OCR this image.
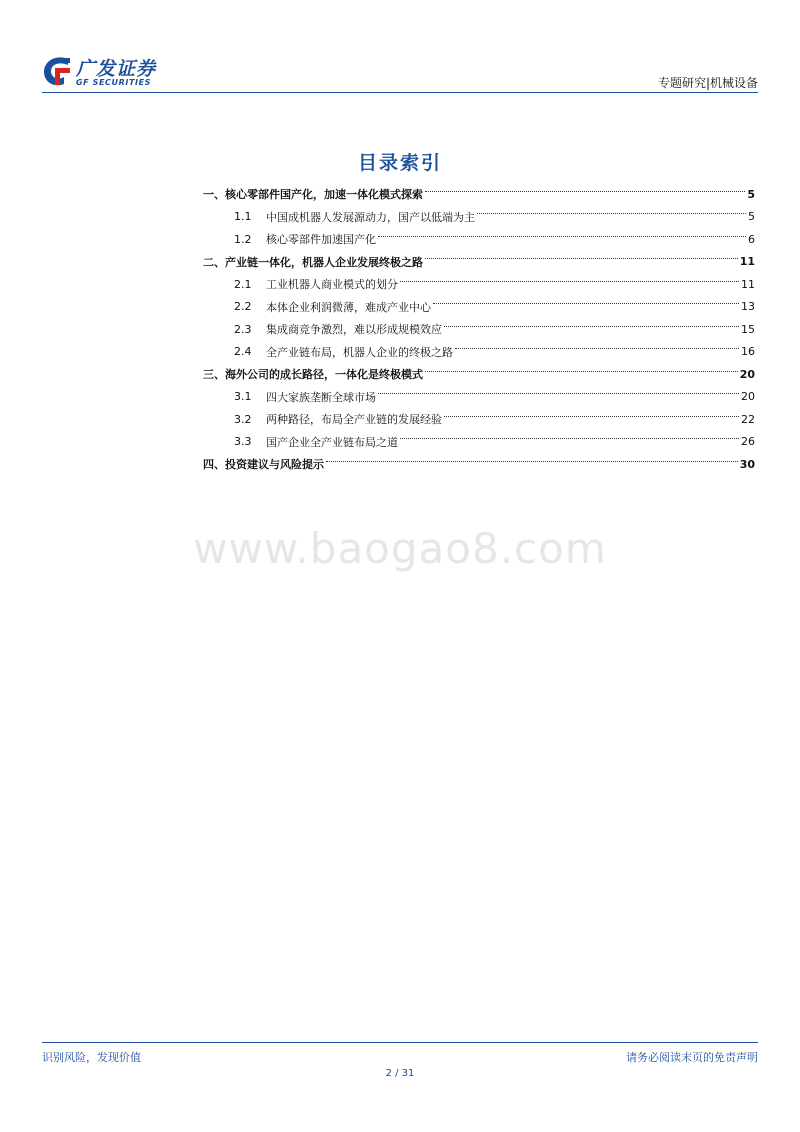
广发证券
GF SECURITIES	专题研究|机械设备
目录索引
一、核心零部件国产化，加速一体化模式探索	5
1.1	中国成机器人发展源动力，国产以低端为主	5
1.2	核心零部件加速国产化	6
二、产业链一体化，机器人企业发展终极之路	11
2.1	工业机器人商业模式的划分	11
2.2	本体企业利润微薄，难成产业中心	13
2.3	集成商竞争激烈，难以形成规模效应	15
2.4	全产业链布局，机器人企业的终极之路	16
三、海外公司的成长路径，一体化是终极模式	20
3.1	四大家族垄断全球市场	20
3.2	两种路径，布局全产业链的发展经验	22
3.3	国产企业全产业链布局之道	26
四、投资建议与风险提示	30
www.baogao8.com
识别风险，发现价值	请务必阅读末页的免责声明
2 / 31
